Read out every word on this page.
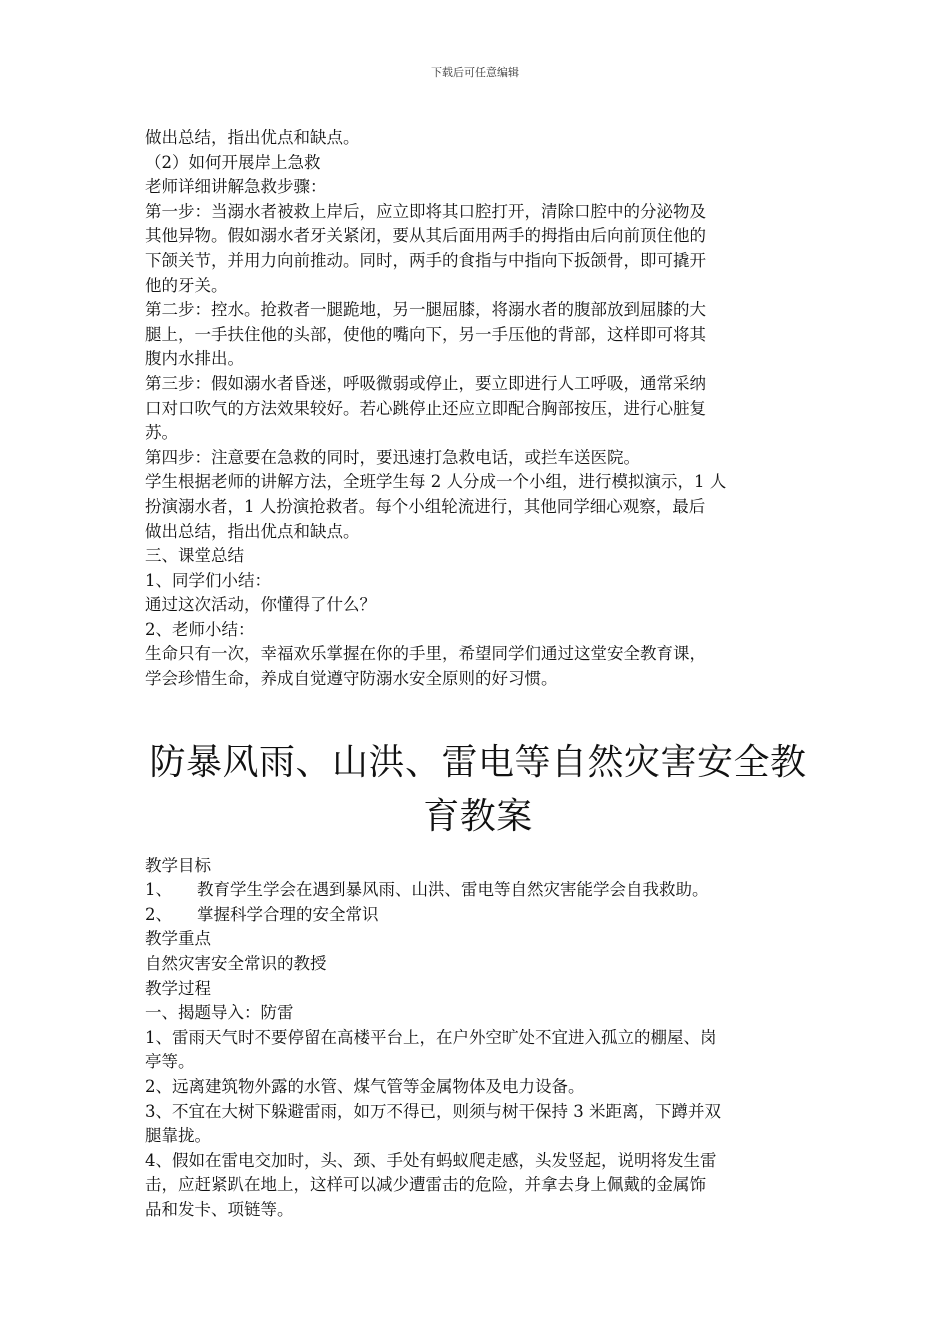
下载后可任意编辑
做出总结，指出优点和缺点。
（2）如何开展岸上急救
老师详细讲解急救步骤：
第一步：当溺水者被救上岸后，应立即将其口腔打开，清除口腔中的分泌物及
其他异物。假如溺水者牙关紧闭，要从其后面用两手的拇指由后向前顶住他的
下颌关节，并用力向前推动。同时，两手的食指与中指向下扳颌骨，即可撬开
他的牙关。
第二步：控水。抢救者一腿跪地，另一腿屈膝，将溺水者的腹部放到屈膝的大
腿上，一手扶住他的头部，使他的嘴向下，另一手压他的背部，这样即可将其
腹内水排出。
第三步：假如溺水者昏迷，呼吸微弱或停止，要立即进行人工呼吸，通常采纳
口对口吹气的方法效果较好。若心跳停止还应立即配合胸部按压，进行心脏复
苏。
第四步：注意要在急救的同时，要迅速打急救电话，或拦车送医院。
学生根据老师的讲解方法，全班学生每 2 人分成一个小组，进行模拟演示，1 人
扮演溺水者，1 人扮演抢救者。每个小组轮流进行，其他同学细心观察，最后
做出总结，指出优点和缺点。
三、课堂总结
1、同学们小结：
通过这次活动，你懂得了什么？
2、老师小结：
生命只有一次，幸福欢乐掌握在你的手里，希望同学们通过这堂安全教育课，
学会珍惜生命，养成自觉遵守防溺水安全原则的好习惯。
防暴风雨、山洪、雷电等自然灾害安全教
育教案
教学目标
1、	教育学生学会在遇到暴风雨、山洪、雷电等自然灾害能学会自我救助。
2、	掌握科学合理的安全常识
教学重点
自然灾害安全常识的教授
教学过程
一、揭题导入：防雷
1、雷雨天气时不要停留在高楼平台上，在户外空旷处不宜进入孤立的棚屋、岗
亭等。
2、远离建筑物外露的水管、煤气管等金属物体及电力设备。
3、不宜在大树下躲避雷雨，如万不得已，则须与树干保持 3 米距离，下蹲并双
腿靠拢。
4、假如在雷电交加时，头、颈、手处有蚂蚁爬走感，头发竖起，说明将发生雷
击，应赶紧趴在地上，这样可以减少遭雷击的危险，并拿去身上佩戴的金属饰
品和发卡、项链等。
